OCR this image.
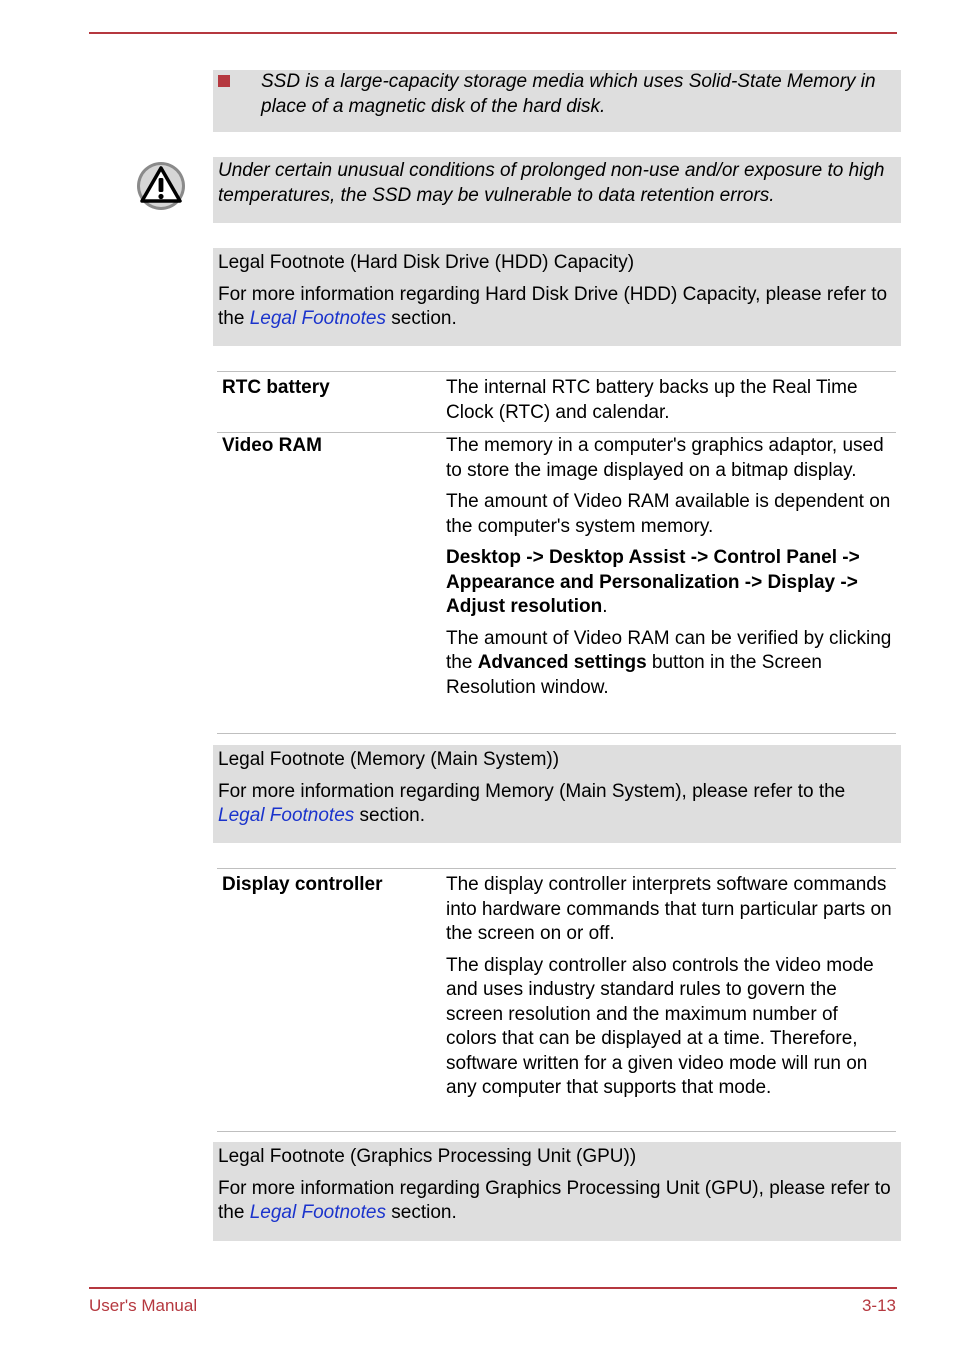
SSD is a large-capacity storage media which uses Solid-State Memory in place of a magnetic disk of the hard disk.
Under certain unusual conditions of prolonged non-use and/or exposure to high temperatures, the SSD may be vulnerable to data retention errors.

Legal Footnote (Hard Disk Drive (HDD) Capacity)

For more information regarding Hard Disk Drive (HDD) Capacity, please refer to the Legal Footnotes section.

RTC battery	The internal RTC battery backs up the Real Time Clock (RTC) and calendar.
Video RAM	The memory in a computer's graphics adaptor, used to store the image displayed on a bitmap display.

The amount of Video RAM available is dependent on the computer's system memory.

Desktop -> Desktop Assist -> Control Panel -> Appearance and Personalization -> Display -> Adjust resolution.

The amount of Video RAM can be verified by clicking the Advanced settings button in the Screen Resolution window.

Legal Footnote (Memory (Main System))

For more information regarding Memory (Main System), please refer to the Legal Footnotes section.

Display controller	The display controller interprets software commands into hardware commands that turn particular parts on the screen on or off.

The display controller also controls the video mode and uses industry standard rules to govern the screen resolution and the maximum number of colors that can be displayed at a time. Therefore, software written for a given video mode will run on any computer that supports that mode.

Legal Footnote (Graphics Processing Unit (GPU))

For more information regarding Graphics Processing Unit (GPU), please refer to the Legal Footnotes section.

User's Manual	3-13
